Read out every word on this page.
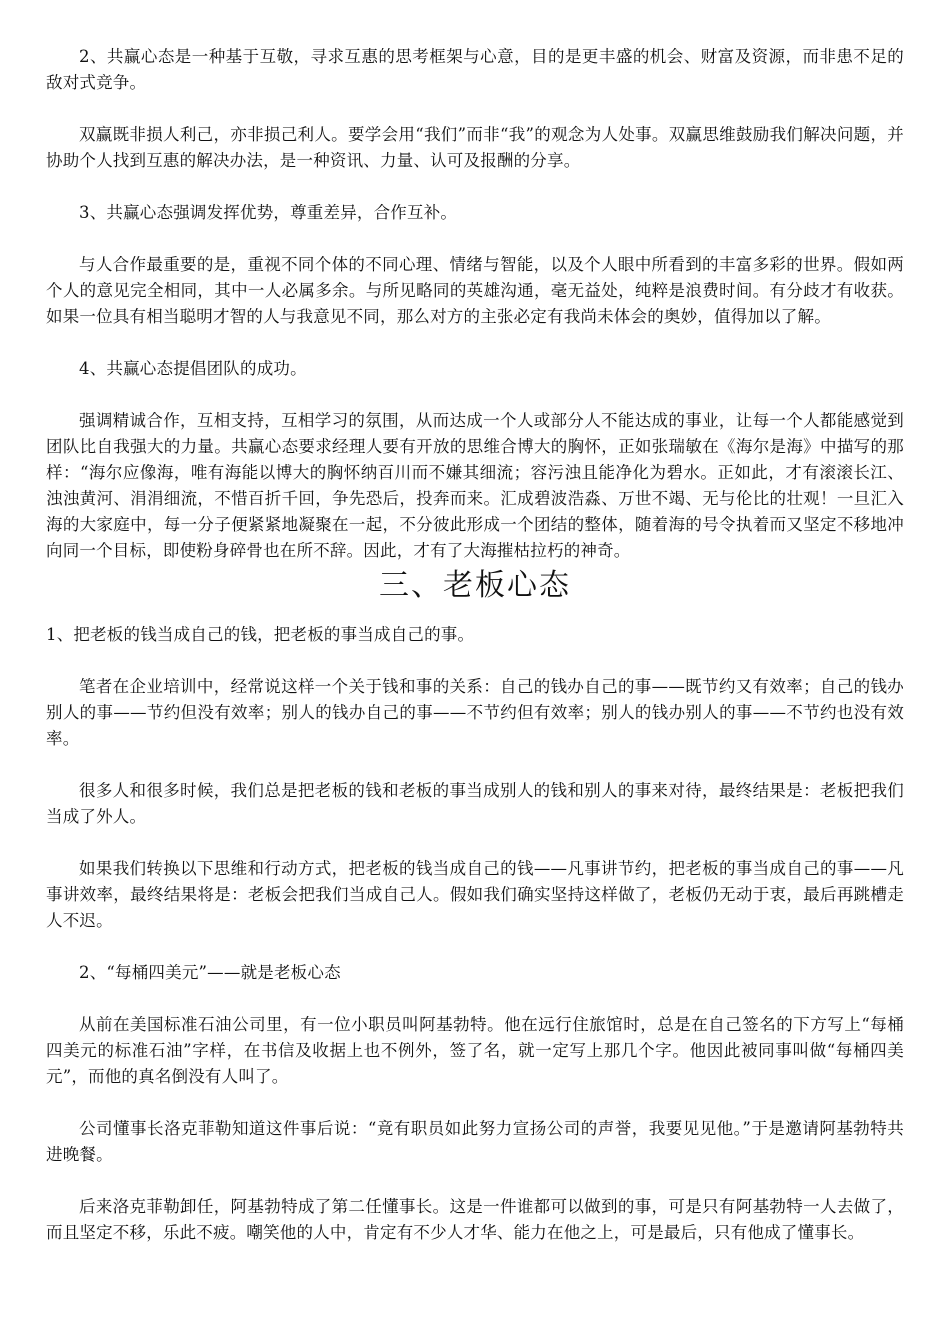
2、共赢心态是一种基于互敬，寻求互惠的思考框架与心意，目的是更丰盛的机会、财富及资源，而非患不足的敌对式竞争。

双赢既非损人利己，亦非损己利人。要学会用“我们”而非“我”的观念为人处事。双赢思维鼓励我们解决问题，并协助个人找到互惠的解决办法，是一种资讯、力量、认可及报酬的分享。

3、共赢心态强调发挥优势，尊重差异，合作互补。

与人合作最重要的是，重视不同个体的不同心理、情绪与智能，以及个人眼中所看到的丰富多彩的世界。假如两个人的意见完全相同，其中一人必属多余。与所见略同的英雄沟通，毫无益处，纯粹是浪费时间。有分歧才有收获。如果一位具有相当聪明才智的人与我意见不同，那么对方的主张必定有我尚未体会的奥妙，值得加以了解。

4、共赢心态提倡团队的成功。

强调精诚合作，互相支持，互相学习的氛围，从而达成一个人或部分人不能达成的事业，让每一个人都能感觉到团队比自我强大的力量。共赢心态要求经理人要有开放的思维合博大的胸怀，正如张瑞敏在《海尔是海》中描写的那样：“海尔应像海，唯有海能以博大的胸怀纳百川而不嫌其细流；容污浊且能净化为碧水。正如此，才有滚滚长江、浊浊黄河、涓涓细流，不惜百折千回，争先恐后，投奔而来。汇成碧波浩淼、万世不竭、无与伦比的壮观！一旦汇入海的大家庭中，每一分子便紧紧地凝聚在一起，不分彼此形成一个团结的整体，随着海的号令执着而又坚定不移地冲向同一个目标，即使粉身碎骨也在所不辞。因此，才有了大海摧枯拉朽的神奇。

三、老板心态

1、把老板的钱当成自己的钱，把老板的事当成自己的事。

笔者在企业培训中，经常说这样一个关于钱和事的关系：自己的钱办自己的事——既节约又有效率；自己的钱办别人的事——节约但没有效率；别人的钱办自己的事——不节约但有效率；别人的钱办别人的事——不节约也没有效率。

很多人和很多时候，我们总是把老板的钱和老板的事当成别人的钱和别人的事来对待，最终结果是：老板把我们当成了外人。

如果我们转换以下思维和行动方式，把老板的钱当成自己的钱——凡事讲节约，把老板的事当成自己的事——凡事讲效率，最终结果将是：老板会把我们当成自己人。假如我们确实坚持这样做了，老板仍无动于衷，最后再跳槽走人不迟。

2、“每桶四美元”——就是老板心态

从前在美国标准石油公司里，有一位小职员叫阿基勃特。他在远行住旅馆时，总是在自己签名的下方写上“每桶四美元的标准石油”字样，在书信及收据上也不例外，签了名，就一定写上那几个字。他因此被同事叫做“每桶四美元”，而他的真名倒没有人叫了。

公司懂事长洛克菲勒知道这件事后说：“竟有职员如此努力宣扬公司的声誉，我要见见他。”于是邀请阿基勃特共进晚餐。

后来洛克菲勒卸任，阿基勃特成了第二任懂事长。这是一件谁都可以做到的事，可是只有阿基勃特一人去做了，而且坚定不移，乐此不疲。嘲笑他的人中，肯定有不少人才华、能力在他之上，可是最后，只有他成了懂事长。
